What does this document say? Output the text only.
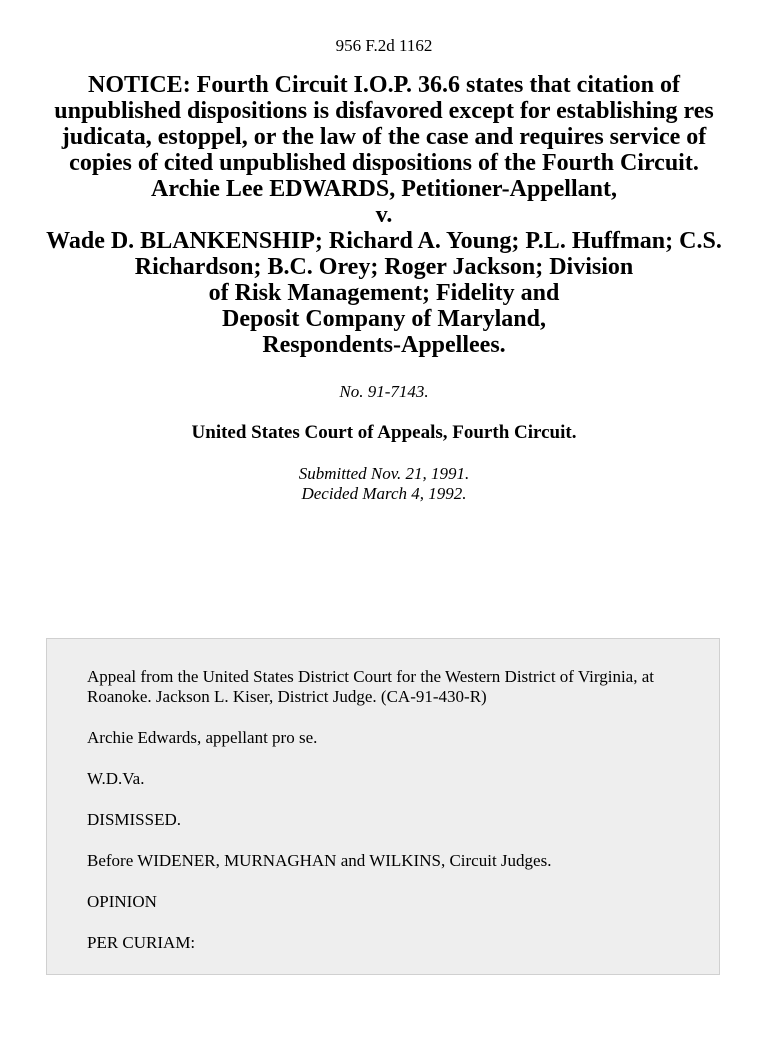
956 F.2d 1162
NOTICE: Fourth Circuit I.O.P. 36.6 states that citation of unpublished dispositions is disfavored except for establishing res judicata, estoppel, or the law of the case and requires service of copies of cited unpublished dispositions of the Fourth Circuit.
Archie Lee EDWARDS, Petitioner-Appellant,
v.
Wade D. BLANKENSHIP; Richard A. Young; P.L. Huffman; C.S.
Richardson; B.C. Orey; Roger Jackson; Division
of Risk Management; Fidelity and
Deposit Company of Maryland,
Respondents-Appellees.
No. 91-7143.
United States Court of Appeals, Fourth Circuit.
Submitted Nov. 21, 1991.
Decided March 4, 1992.

Appeal from the United States District Court for the Western District of Virginia, at Roanoke. Jackson L. Kiser, District Judge. (CA-91-430-R)

Archie Edwards, appellant pro se.

W.D.Va.

DISMISSED.

Before WIDENER, MURNAGHAN and WILKINS, Circuit Judges.

OPINION

PER CURIAM:
